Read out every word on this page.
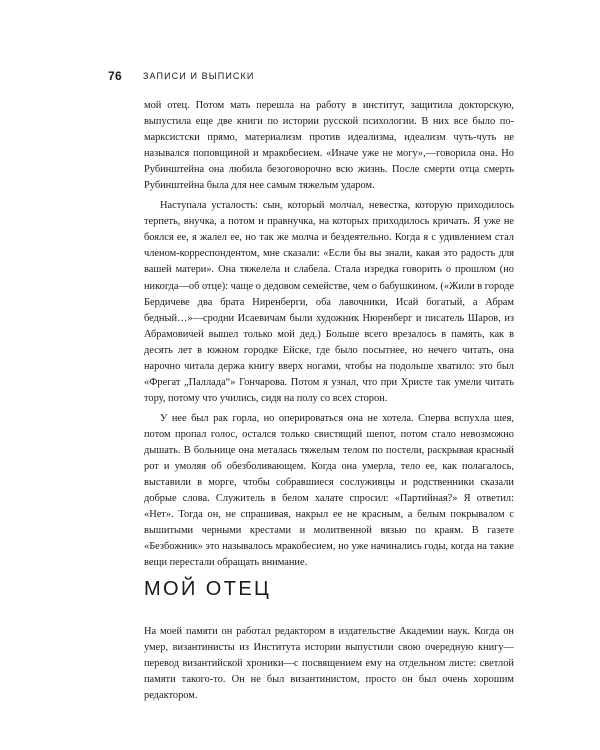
76 ЗАПИСИ И ВЫПИСКИ

мой отец. Потом мать перешла на работу в институт, защитила докторскую, выпустила еще две книги по истории русской психологии. В них все было по-марксистски прямо, материализм против идеализма, идеализм чуть-чуть не назывался поповщиной и мракобесием. «Иначе уже не могу»,—говорила она. Но Рубинштейна она любила безоговорочно всю жизнь. После смерти отца смерть Рубинштейна была для нее самым тяжелым ударом.

Наступала усталость: сын, который молчал, невестка, которую приходилось терпеть, внучка, а потом и правнучка, на которых приходилось кричать. Я уже не боялся ее, я жалел ее, но так же молча и бездеятельно. Когда я с удивлением стал членом-корреспондентом, мне сказали: «Если бы вы знали, какая это радость для вашей матери». Она тяжелела и слабела. Стала изредка говорить о прошлом (но никогда—об отце): чаще о дедовом семействе, чем о бабушкином. («Жили в городе Бердичеве два брата Ниренберги, оба лавочники, Исай богатый, а Абрам бедный…»—сродни Исаевичам были художник Нюренберг и писатель Шаров, из Абрамовичей вышел только мой дед.) Больше всего врезалось в память, как в десять лет в южном городке Ейске, где было посытнее, но нечего читать, она нарочно читала держа книгу вверх ногами, чтобы на подольше хватило: это был «Фрегат „Паллада“» Гончарова. Потом я узнал, что при Христе так умели читать тору, потому что учились, сидя на полу со всех сторон.

У нее был рак горла, но оперироваться она не хотела. Сперва вспухла шея, потом пропал голос, остался только свистящий шепот, потом стало невозможно дышать. В больнице она металась тяжелым телом по постели, раскрывая красный рот и умоляя об обезболивающем. Когда она умерла, тело ее, как полагалось, выставили в морге, чтобы собравшиеся сослуживцы и родственники сказали добрые слова. Служитель в белом халате спросил: «Партийная?» Я ответил: «Нет». Тогда он, не спрашивая, накрыл ее не красным, а белым покрывалом с вышитыми черными крестами и молитвенной вязью по краям. В газете «Безбожник» это называлось мракобесием, но уже начинались годы, когда на такие вещи перестали обращать внимание.

МОЙ ОТЕЦ

На моей памяти он работал редактором в издательстве Академии наук. Когда он умер, византинисты из Института истории выпустили свою очередную книгу—перевод византийской хроники—с посвящением ему на отдельном листе: светлой памяти такого-то. Он не был византинистом, просто он был очень хорошим редактором.
